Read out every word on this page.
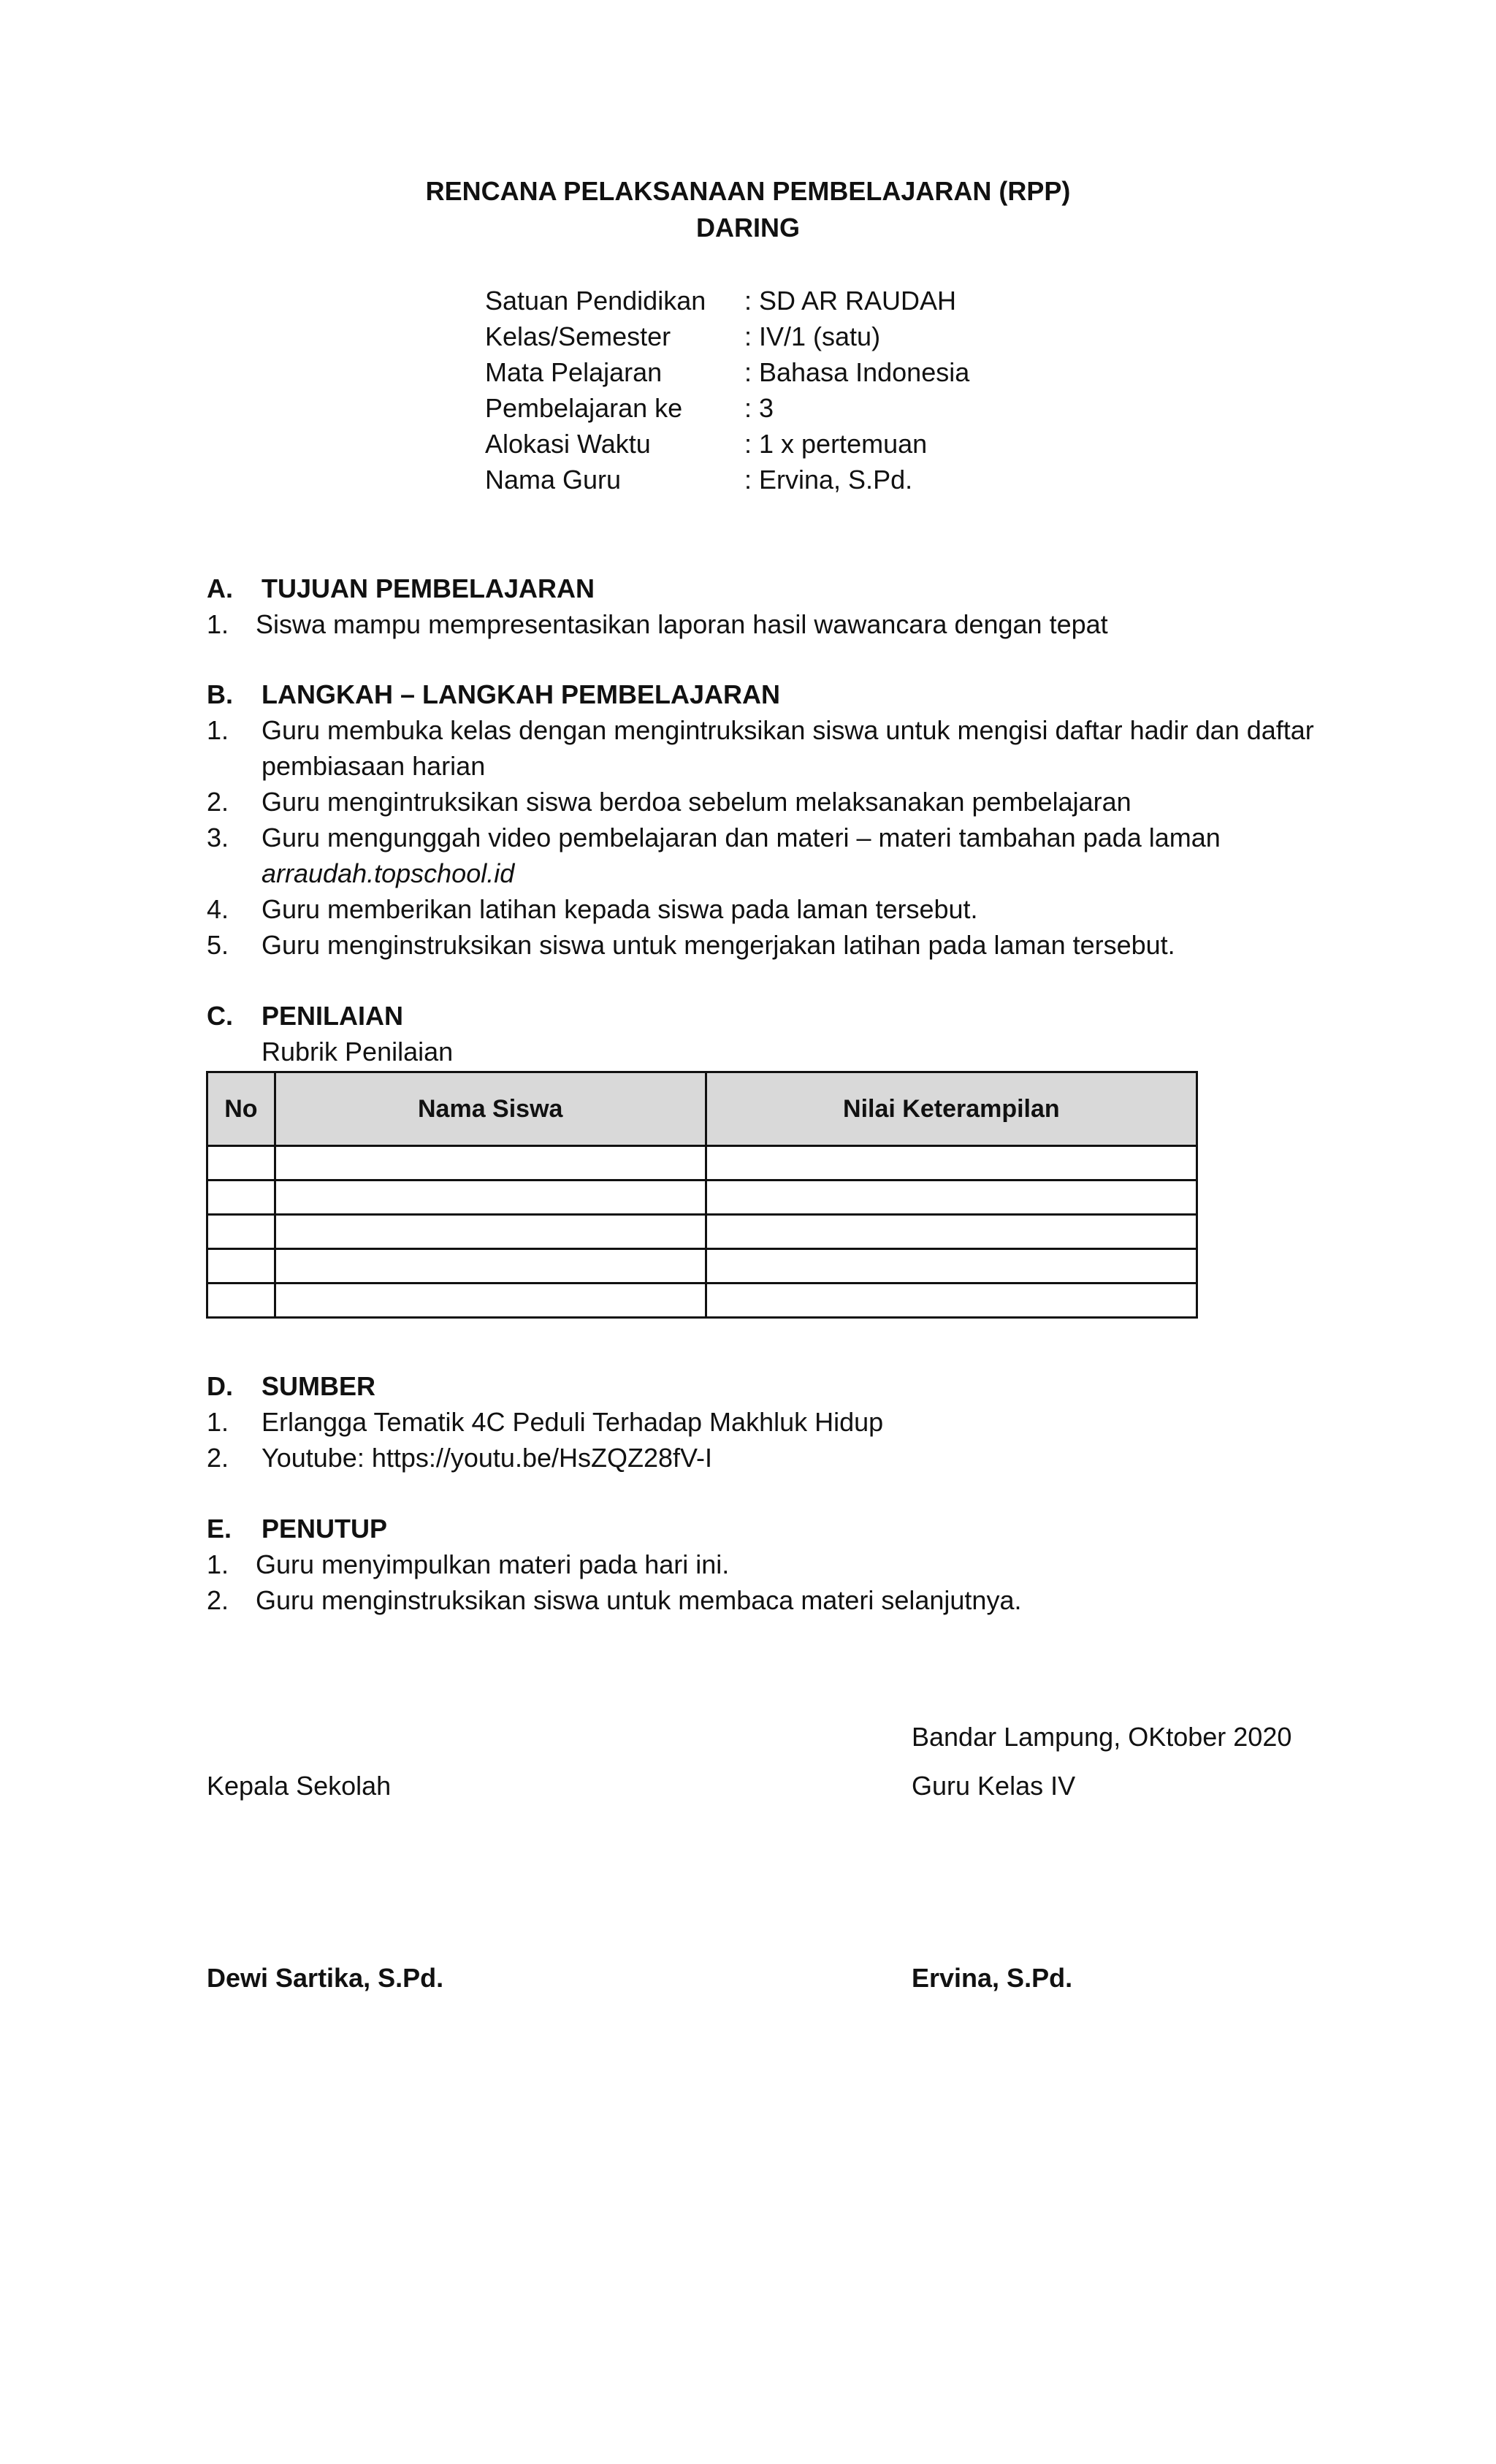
RENCANA PELAKSANAAN PEMBELAJARAN (RPP)
DARING
Satuan Pendidikan : SD AR RAUDAH
Kelas/Semester	: IV/1 (satu)
Mata Pelajaran	: Bahasa Indonesia
Pembelajaran ke : 3
Alokasi Waktu	: 1 x pertemuan
Nama Guru	: Ervina, S.Pd.
A. TUJUAN PEMBELAJARAN
1. Siswa mampu mempresentasikan laporan hasil wawancara dengan tepat
B. LANGKAH – LANGKAH PEMBELAJARAN
1. Guru membuka kelas dengan mengintruksikan siswa untuk mengisi daftar hadir dan daftar
pembiasaan harian
2. Guru mengintruksikan siswa berdoa sebelum melaksanakan pembelajaran
3. Guru mengunggah video pembelajaran dan materi – materi tambahan pada laman
arraudah.topschool.id
4. Guru memberikan latihan kepada siswa pada laman tersebut.
5. Guru menginstruksikan siswa untuk mengerjakan latihan pada laman tersebut.
C. PENILAIAN
Rubrik Penilaian
No	Nama Siswa	Nilai Keterampilan

D. SUMBER
1. Erlangga Tematik 4C Peduli Terhadap Makhluk Hidup
2. Youtube: https://youtu.be/HsZQZ28fV-I
E. PENUTUP
1. Guru menyimpulkan materi pada hari ini.
2. Guru menginstruksikan siswa untuk membaca materi selanjutnya.
Bandar Lampung, OKtober 2020
Kepala Sekolah	Guru Kelas IV
Dewi Sartika, S.Pd.	Ervina, S.Pd.
